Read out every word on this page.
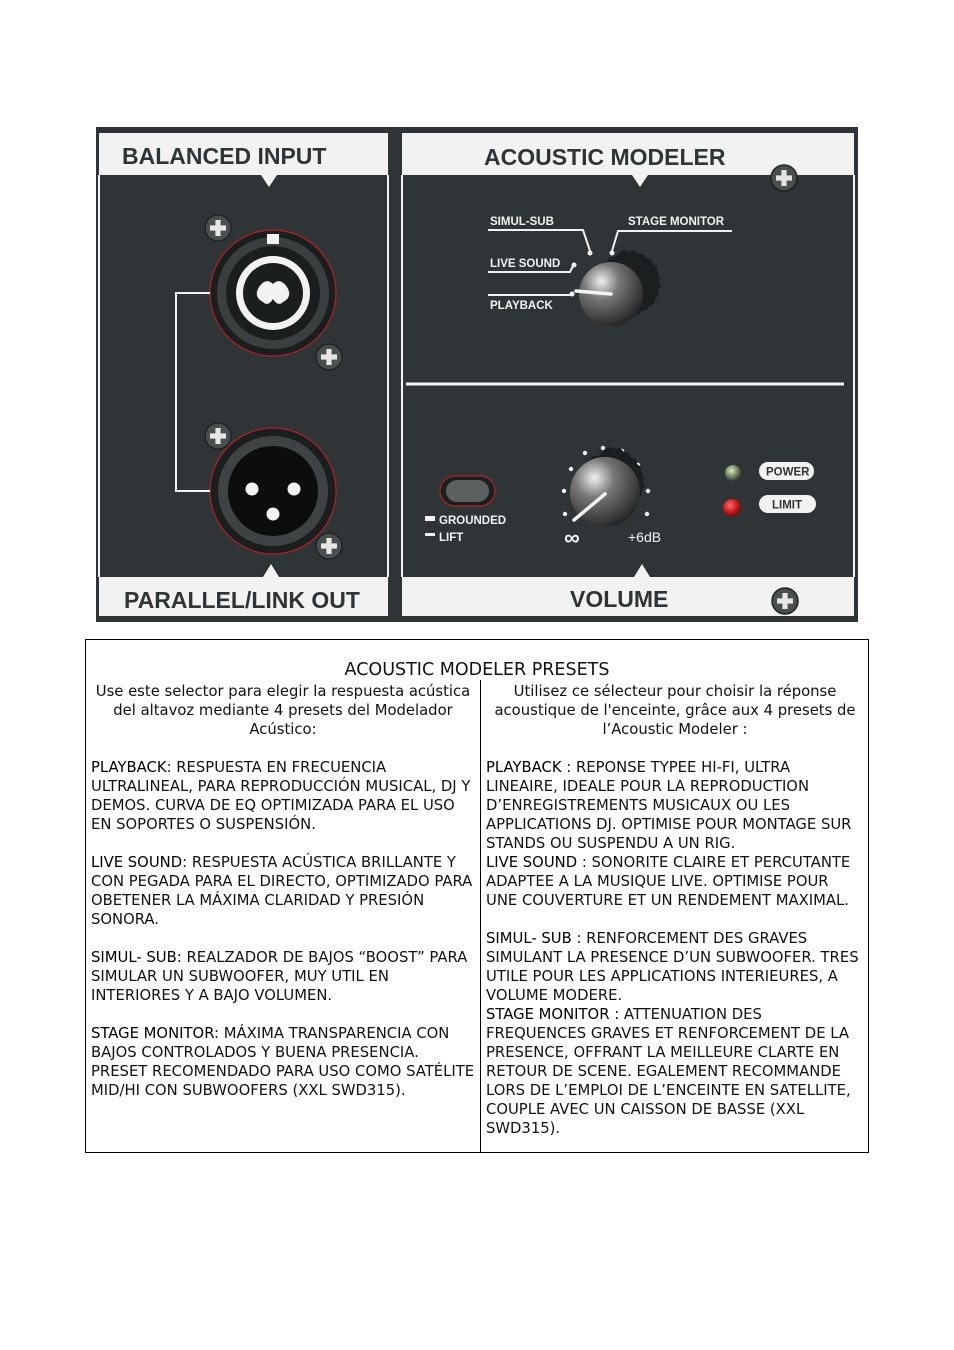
BALANCED INPUT	ACOUSTIC MODELER
PARALLEL/LINK OUT	VOLUME
SIMUL-SUB	STAGE MONITOR
LIVE SOUND
PLAYBACK
GROUNDED
LIFT	∞	+6dB
POWER
LIMIT
ACOUSTIC MODELER PRESETS

Use este selector para elegir la respuesta acústica del altavoz mediante 4 presets del Modelador Acústico:

PLAYBACK: RESPUESTA EN FRECUENCIA ULTRALINEAL, PARA REPRODUCCIÓN MUSICAL, DJ Y DEMOS. CURVA DE EQ OPTIMIZADA PARA EL USO EN SOPORTES O SUSPENSIÓN.

LIVE SOUND: RESPUESTA ACÚSTICA BRILLANTE Y CON PEGADA PARA EL DIRECTO, OPTIMIZADO PARA OBETENER LA MÁXIMA CLARIDAD Y PRESIÓN SONORA.

SIMUL- SUB: REALZADOR DE BAJOS “BOOST” PARA SIMULAR UN SUBWOOFER, MUY UTIL EN INTERIORES Y A BAJO VOLUMEN.

STAGE MONITOR: MÁXIMA TRANSPARENCIA CON BAJOS CONTROLADOS Y BUENA PRESENCIA. PRESET RECOMENDADO PARA USO COMO SATÉLITE MID/HI CON SUBWOOFERS (XXL SWD315).

Utilisez ce sélecteur pour choisir la réponse acoustique de l'enceinte, grâce aux 4 presets de l’Acoustic Modeler :

PLAYBACK : REPONSE TYPEE HI-FI, ULTRA LINEAIRE, IDEALE POUR LA REPRODUCTION D’ENREGISTREMENTS MUSICAUX OU LES APPLICATIONS DJ. OPTIMISE POUR MONTAGE SUR STANDS OU SUSPENDU A UN RIG.

LIVE SOUND : SONORITE CLAIRE ET PERCUTANTE ADAPTEE A LA MUSIQUE LIVE. OPTIMISE POUR UNE COUVERTURE ET UN RENDEMENT MAXIMAL.

SIMUL- SUB : RENFORCEMENT DES GRAVES SIMULANT LA PRESENCE D’UN SUBWOOFER. TRES UTILE POUR LES APPLICATIONS INTERIEURES, A VOLUME MODERE.

STAGE MONITOR : ATTENUATION DES FREQUENCES GRAVES ET RENFORCEMENT DE LA PRESENCE, OFFRANT LA MEILLEURE CLARTE EN RETOUR DE SCENE. EGALEMENT RECOMMANDE LORS DE L’EMPLOI DE L’ENCEINTE EN SATELLITE, COUPLE AVEC UN CAISSON DE BASSE (XXL SWD315).
